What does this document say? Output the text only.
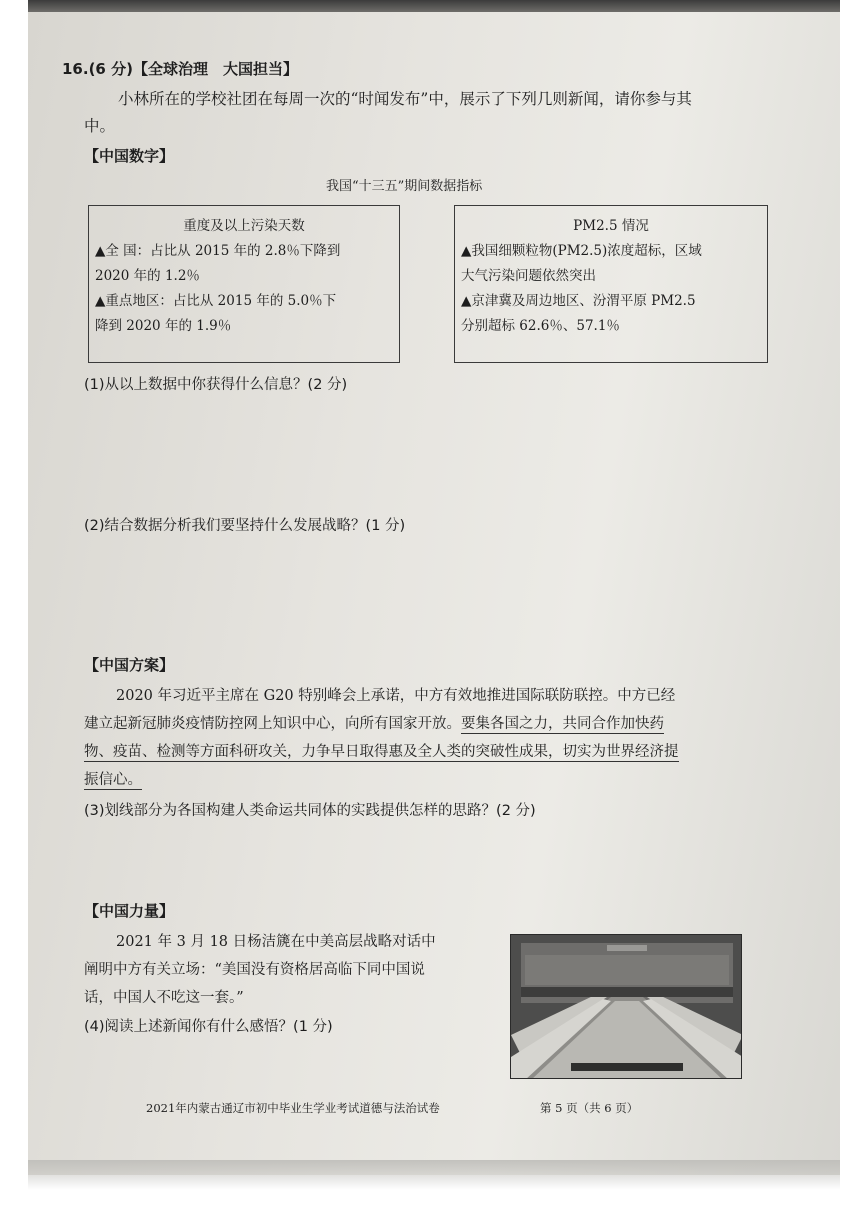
16.(6 分)【全球治理　大国担当】
小林所在的学校社团在每周一次的“时闻发布”中，展示了下列几则新闻，请你参与其
中。
【中国数字】
我国“十三五”期间数据指标
重度及以上污染天数
▲全 国：占比从 2015 年的 2.8％下降到
2020 年的 1.2％
▲重点地区：占比从 2015 年的 5.0％下
降到 2020 年的 1.9％
PM2.5 情况
▲我国细颗粒物(PM2.5)浓度超标，区域
大气污染问题依然突出
▲京津冀及周边地区、汾渭平原 PM2.5
分别超标 62.6％、57.1％
(1)从以上数据中你获得什么信息？(2 分)
(2)结合数据分析我们要坚持什么发展战略？(1 分)
【中国方案】
2020 年习近平主席在 G20 特别峰会上承诺，中方有效地推进国际联防联控。中方已经
建立起新冠肺炎疫情防控网上知识中心，向所有国家开放。要集各国之力，共同合作加快药
物、疫苗、检测等方面科研攻关，力争早日取得惠及全人类的突破性成果，切实为世界经济提
振信心。
(3)划线部分为各国构建人类命运共同体的实践提供怎样的思路？(2 分)
【中国力量】
2021 年 3 月 18 日杨洁篪在中美高层战略对话中
阐明中方有关立场：“美国没有资格居高临下同中国说
话，中国人不吃这一套。”
(4)阅读上述新闻你有什么感悟？(1 分)
2021年内蒙古通辽市初中毕业生学业考试道德与法治试卷	第 5 页（共 6 页）
